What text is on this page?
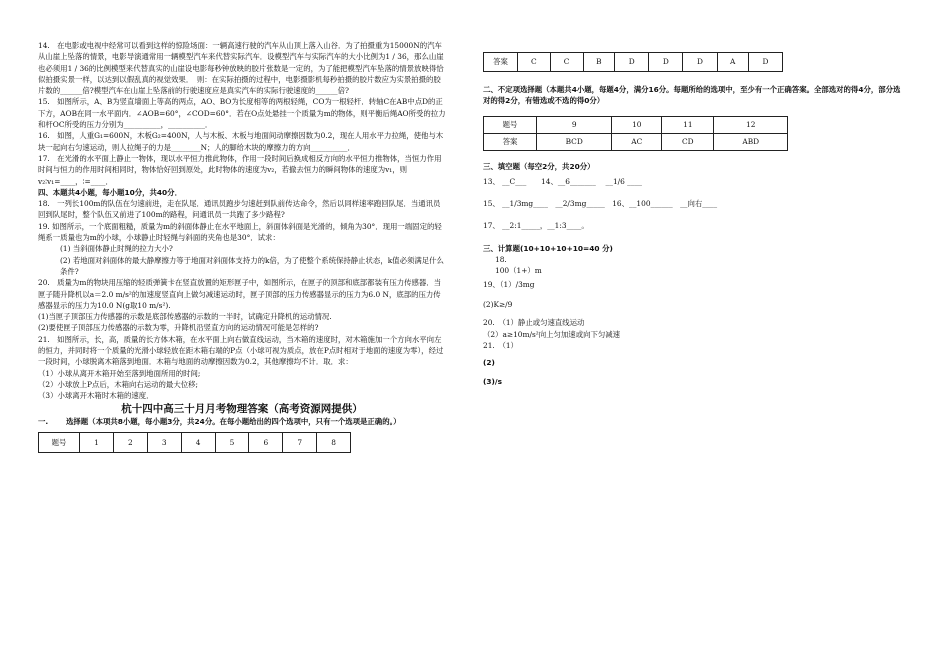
14.　在电影或电视中经常可以看到这样的惊险场面：一辆高速行驶的汽车从山顶上落入山谷．为了拍摄重为15000N的汽车从山崖上坠落的情景，电影导演通常用一辆模型汽车来代替实际汽车．设模型汽车与实际汽车的大小比例为1 / 36，那么山崖也必须用1 / 36的比例模型来代替真实的山崖设电影每秒钟放映的胶片张数是一定的，为了能把模型汽车坠落的情景放映得恰似拍摄实景一样，以达到以假乱真的视觉效果．　则：在实际拍摄的过程中，电影摄影机每秒拍摄的胶片数应为实景拍摄的胶片数的______倍?模型汽车在山崖上坠落前的行驶速度应是真实汽车的实际行驶速度的______倍?

15.　如图所示，A、B为竖直墙面上等高的两点，AO、BO为长度相等的两根轻绳，CO为一根轻杆．转轴C在AB中点D的正下方，AOB在同一水平面内．∠AOB=60°，∠COD=60°．若在O点处悬挂一个质量为m的物体，则平衡后绳AO所受的拉力和杆OC所受的压力分别为__________，__________．

16.　如图，人重G₁=600N，木板G₂=400N，人与木板、木板与地面间动摩擦因数为0.2，现在人用水平力拉绳，使他与木块一起向右匀速运动，则人拉绳子的力是________N；人的脚给木块的摩擦力的方向__________．

17.　在光滑的水平面上静止一物体，现以水平恒力推此物体，作用一段时间后换成相反方向的水平恒力推物体，当恒力作用时间与恒力的作用时间相同时，物体恰好回到原处，此时物体的速度为v₂，若撤去恒力的瞬间物体的速度为v₁，则v₂∶v₁=____，∶=____．

四、本题共4小题，每小题10分，共40分．

18.　一列长100m的队伍在匀速前进，走在队尾．通讯员跑步匀速赶到队前传达命令，然后以同样速率跑回队尾．当通讯员回到队尾时，整个队伍又前进了100m的路程，问通讯员一共跑了多少路程?

19. 如图所示，一个底面粗糙，质量为m的斜面体静止在水平地面上，斜面体斜面是光滑的，倾角为30°．现用一端固定的轻绳系一质量也为m的小球，小球静止时轻绳与斜面的夹角也是30°．试求：

(1) 当斜面体静止时绳的拉力大小?

(2) 若地面对斜面体的最大静摩擦力等于地面对斜面体支持力的k倍，为了使整个系统保持静止状态，k值必须满足什么条件?

20.　质量为m的物块用压缩的轻质弹簧卡在竖直放置的矩形匣子中，如图所示，在匣子的顶部和底部都装有压力传感器．当匣子随升降机以a＝2.0 m/s²的加速度竖直向上做匀减速运动时，匣子顶部的压力传感器显示的压力为6.0 N，底部的压力传感器显示的压力为10.0 N(g取10 m/s²).

(1)当匣子顶部压力传感器的示数是底部传感器的示数的一半时，试确定升降机的运动情况.

(2)要使匣子顶部压力传感器的示数为零，升降机沿竖直方向的运动情况可能是怎样的?

21.　如图所示，长，高，质量的长方体木箱，在水平面上向右做直线运动，当木箱的速度时，对木箱施加一个方向水平向左的恒力，并同时将一个质量的光滑小球轻放在距木箱右端的P点（小球可视为质点，放在P点时相对于地面的速度为零），经过一段时间，小球脱离木箱落到地面．木箱与地面的动摩擦因数为0.2，其他摩擦均不计．取．求：

（1）小球从离开木箱开始至落到地面所用的时间;

（2）小球放上P点后，木箱向右运动的最大位移;

（3）小球离开木箱时木箱的速度．

杭十四中高三十月月考物理答案（高考资源网提供）
一.	选择题（本项共8小题，每小题3分，共24分。在每小题给出的四个选项中，只有一个选项是正确的。）
题号	1	2	3	4	5	6	7	8
答案	C	C	B	D	D	D	A	D

二、不定项选择题（本题共4小题，每题4分，满分16分。每题所给的选项中，至少有一个正确答案。全部选对的得4分，部分选对的得2分，有错选或不选的得0分）

题号	9	10	11	12
答案	BCD	AC	CD	ABD

三、填空题（每空2分，共20分）

13、 __C___　　14、__6_______　 __1/6 ____

15、 __1/3mg____　__2/3mg_____　16、__100______　__向右____

17、 __2:1_____，__1:3____。

三、计算题(10+10+10+10=40 分)

18.

100（1+）m

19、（1）/3mg

(2)K≥/9

20.　（1）静止或匀速直线运动

（2）a≥10m/s²向上匀加速或向下匀减速

21.　（1）

(2)

(3)/s
